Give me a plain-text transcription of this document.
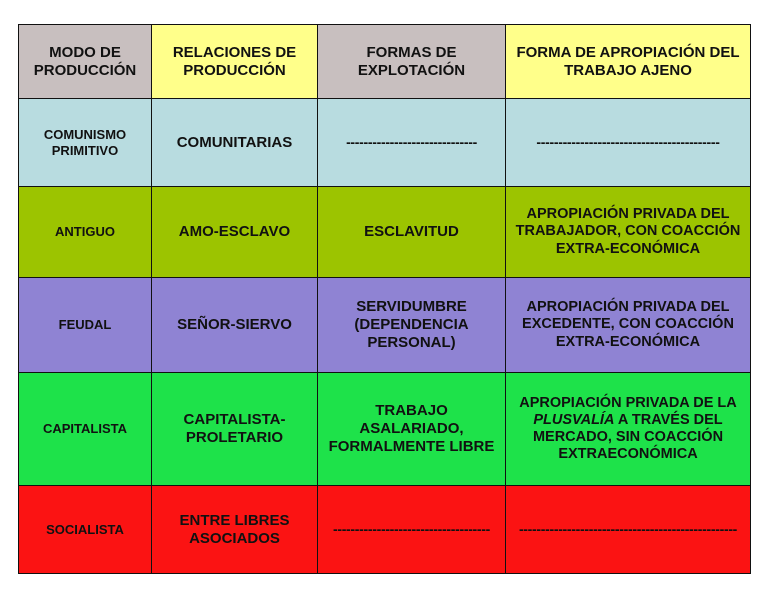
MODO DE PRODUCCIÓN	RELACIONES DE PRODUCCIÓN	FORMAS DE EXPLOTACIÓN	FORMA DE APROPIACIÓN DEL TRABAJO AJENO
COMUNISMO PRIMITIVO	COMUNITARIAS	------------------------------	------------------------------------------
ANTIGUO	AMO-ESCLAVO	ESCLAVITUD	APROPIACIÓN PRIVADA DEL TRABAJADOR, CON COACCIÓN EXTRA-ECONÓMICA
FEUDAL	SEÑOR-SIERVO	SERVIDUMBRE (DEPENDENCIA PERSONAL)	APROPIACIÓN PRIVADA DEL EXCEDENTE, CON COACCIÓN EXTRA-ECONÓMICA
CAPITALISTA	CAPITALISTA-PROLETARIO	TRABAJO ASALARIADO, FORMALMENTE LIBRE	APROPIACIÓN PRIVADA DE LA PLUSVALÍA A TRAVÉS DEL MERCADO, SIN COACCIÓN EXTRAECONÓMICA
SOCIALISTA	ENTRE LIBRES ASOCIADOS	------------------------------------	--------------------------------------------------
